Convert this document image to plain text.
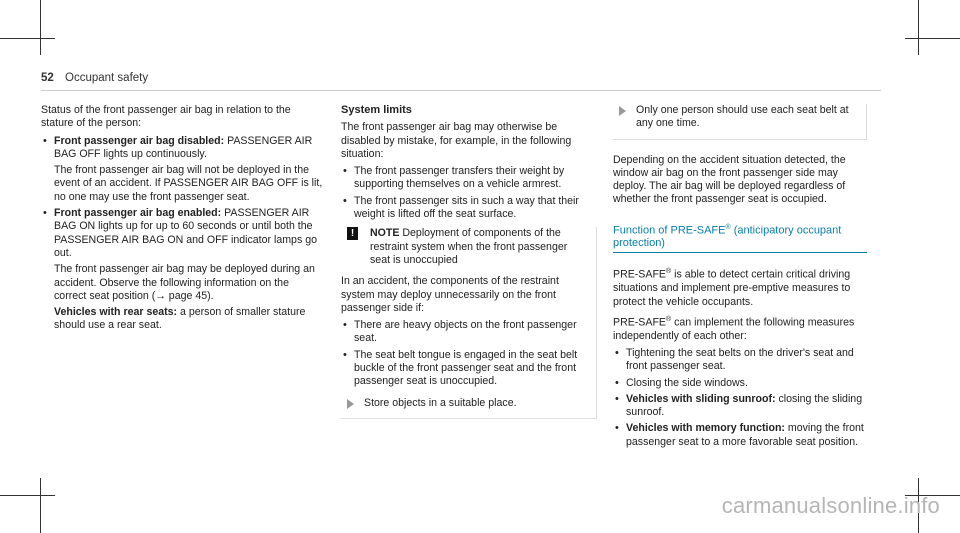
52 Occupant safety

Status of the front passenger air bag in relation to the stature of the person:

• Front passenger air bag disabled: PASSENGER AIR BAG OFF lights up continuously.
The front passenger air bag will not be deployed in the event of an accident. If PASSENGER AIR BAG OFF is lit, no one may use the front passenger seat.
• Front passenger air bag enabled: PASSENGER AIR BAG ON lights up for up to 60 seconds or until both the PASSENGER AIR BAG ON and OFF indicator lamps go out.
The front passenger air bag may be deployed during an accident. Observe the following information on the correct seat position (→ page 45).
Vehicles with rear seats: a person of smaller stature should use a rear seat.

System limits

The front passenger air bag may otherwise be disabled by mistake, for example, in the following situation:

• The front passenger transfers their weight by supporting themselves on a vehicle armrest.
• The front passenger sits in such a way that their weight is lifted off the seat surface.
!	NOTE Deployment of components of the restraint system when the front passenger seat is unoccupied

In an accident, the components of the restraint system may deploy unnecessarily on the front passenger side if:

• There are heavy objects on the front passenger seat.
• The seat belt tongue is engaged in the seat belt buckle of the front passenger seat and the front passenger seat is unoccupied.
Store objects in a suitable place.
Only one person should use each seat belt at any one time.

Depending on the accident situation detected, the window air bag on the front passenger side may deploy. The air bag will be deployed regardless of whether the front passenger seat is occupied.

Function of PRE-SAFE® (anticipatory occupant protection)

PRE-SAFE® is able to detect certain critical driving situations and implement pre-emptive measures to protect the vehicle occupants.

PRE-SAFE® can implement the following measures independently of each other:

• Tightening the seat belts on the driver's seat and front passenger seat.
• Closing the side windows.
• Vehicles with sliding sunroof: closing the sliding sunroof.
• Vehicles with memory function: moving the front passenger seat to a more favorable seat position.
carmanualsonline.info
